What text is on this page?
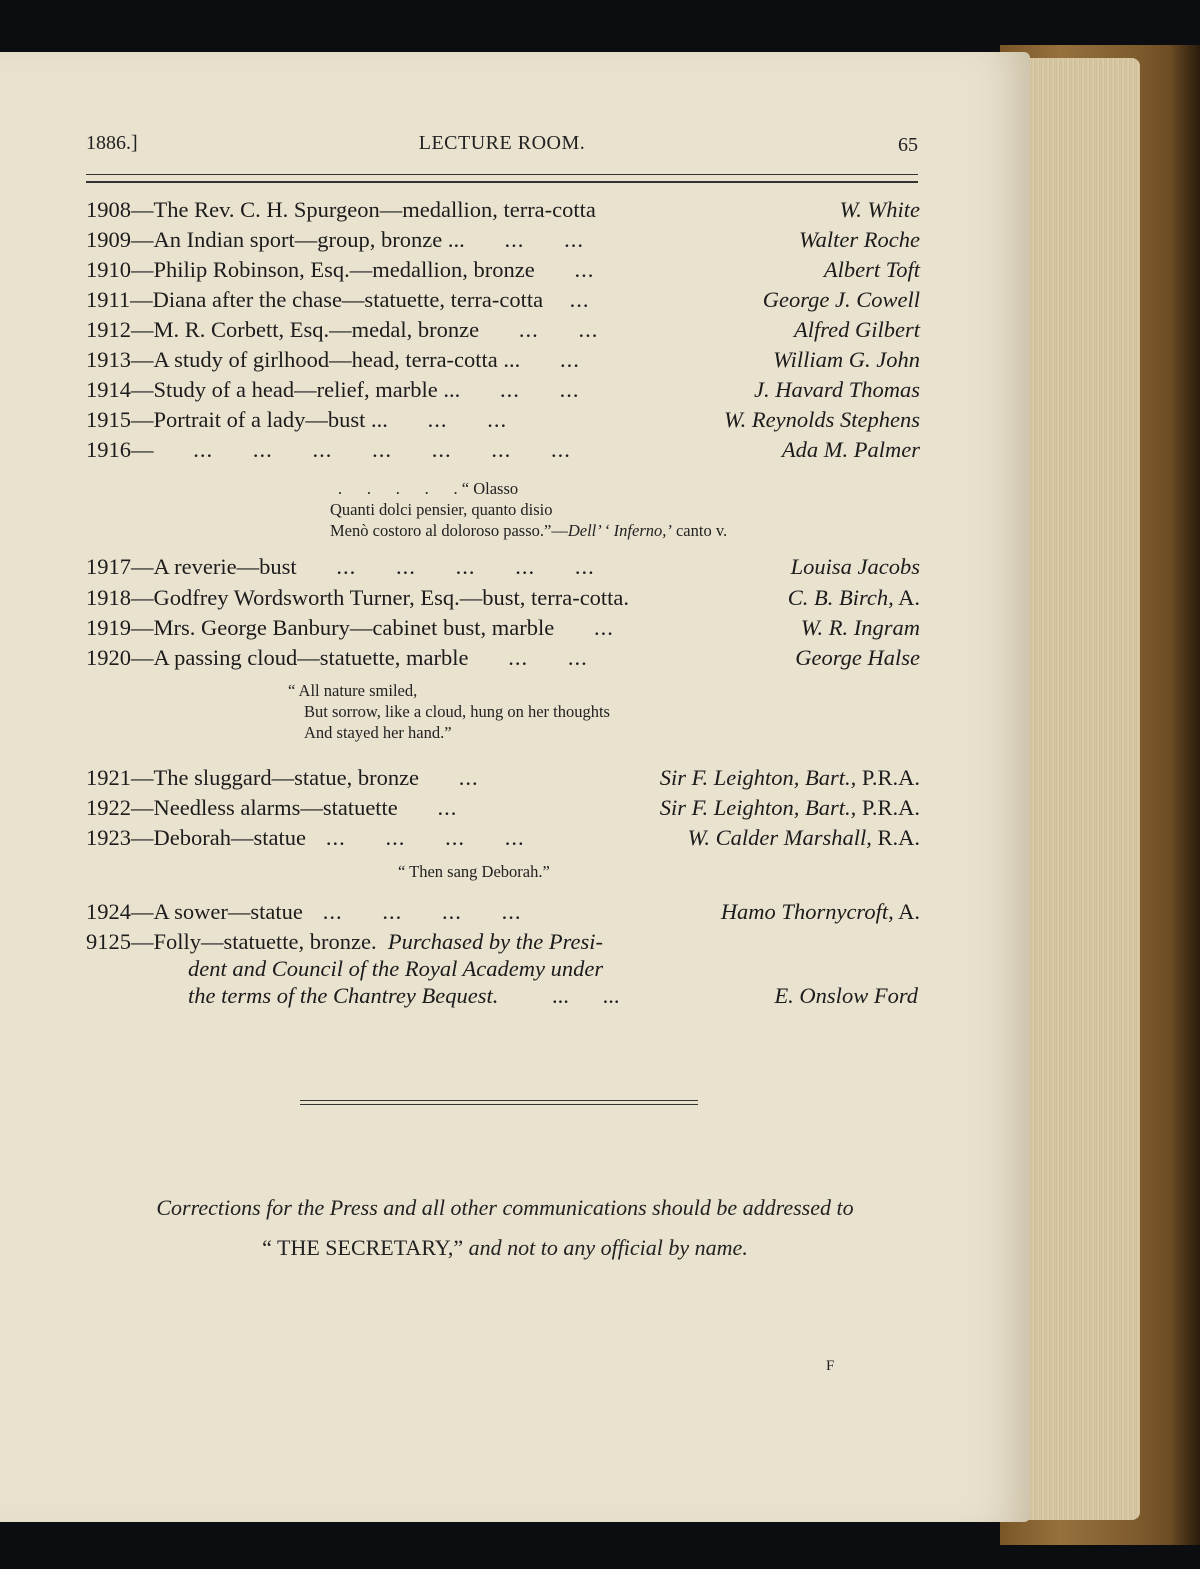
1886.]	LECTURE ROOM.	65
1908—The Rev. C. H. Spurgeon—medallion, terra-cotta	W. White
1909—An Indian sport—group, bronze ...      ...      ...	Walter Roche
1910—Philip Robinson, Esq.—medallion, bronze      ...	Albert Toft
1911—Diana after the chase—statuette, terra-cotta    ...	George J. Cowell
1912—M. R. Corbett, Esq.—medal, bronze      ...      ...	Alfred Gilbert
1913—A study of girlhood—head, terra-cotta ...      ...	William G. John
1914—Study of a head—relief, marble ...      ...      ...	J. Havard Thomas
1915—Portrait of a lady—bust ...      ...      ...	W. Reynolds Stephens
1916—      ...      ...      ...      ...      ...      ...      ...	Ada M. Palmer
.      .      .      .      . “ Olasso
Quanti dolci pensier, quanto disio
Menò costoro al doloroso passo.”—Dell’ ‘ Inferno,’ canto v.
1917—A reverie—bust      ...      ...      ...      ...      ...	Louisa Jacobs
1918—Godfrey Wordsworth Turner, Esq.—bust, terra-cotta.	C. B. Birch, A.
1919—Mrs. George Banbury—cabinet bust, marble      ...	W. R. Ingram
1920—A passing cloud—statuette, marble      ...      ...	George Halse
“ All nature smiled,
But sorrow, like a cloud, hung on her thoughts
And stayed her hand.”
1921—The sluggard—statue, bronze      ...	Sir F. Leighton, Bart., P.R.A.
1922—Needless alarms—statuette      ...	Sir F. Leighton, Bart., P.R.A.
1923—Deborah—statue   ...      ...      ...      ...	W. Calder Marshall, R.A.
“ Then sang Deborah.”
1924—A sower—statue   ...      ...      ...      ...	Hamo Thornycroft, A.
9125—Folly—statuette, bronze. Purchased by the Presi-
dent and Council of the Royal Academy under
the terms of the Chantrey Bequest. ...      ...	E. Onslow Ford
Corrections for the Press and all other communications should be addressed to
“ THE SECRETARY,” and not to any official by name.
F
